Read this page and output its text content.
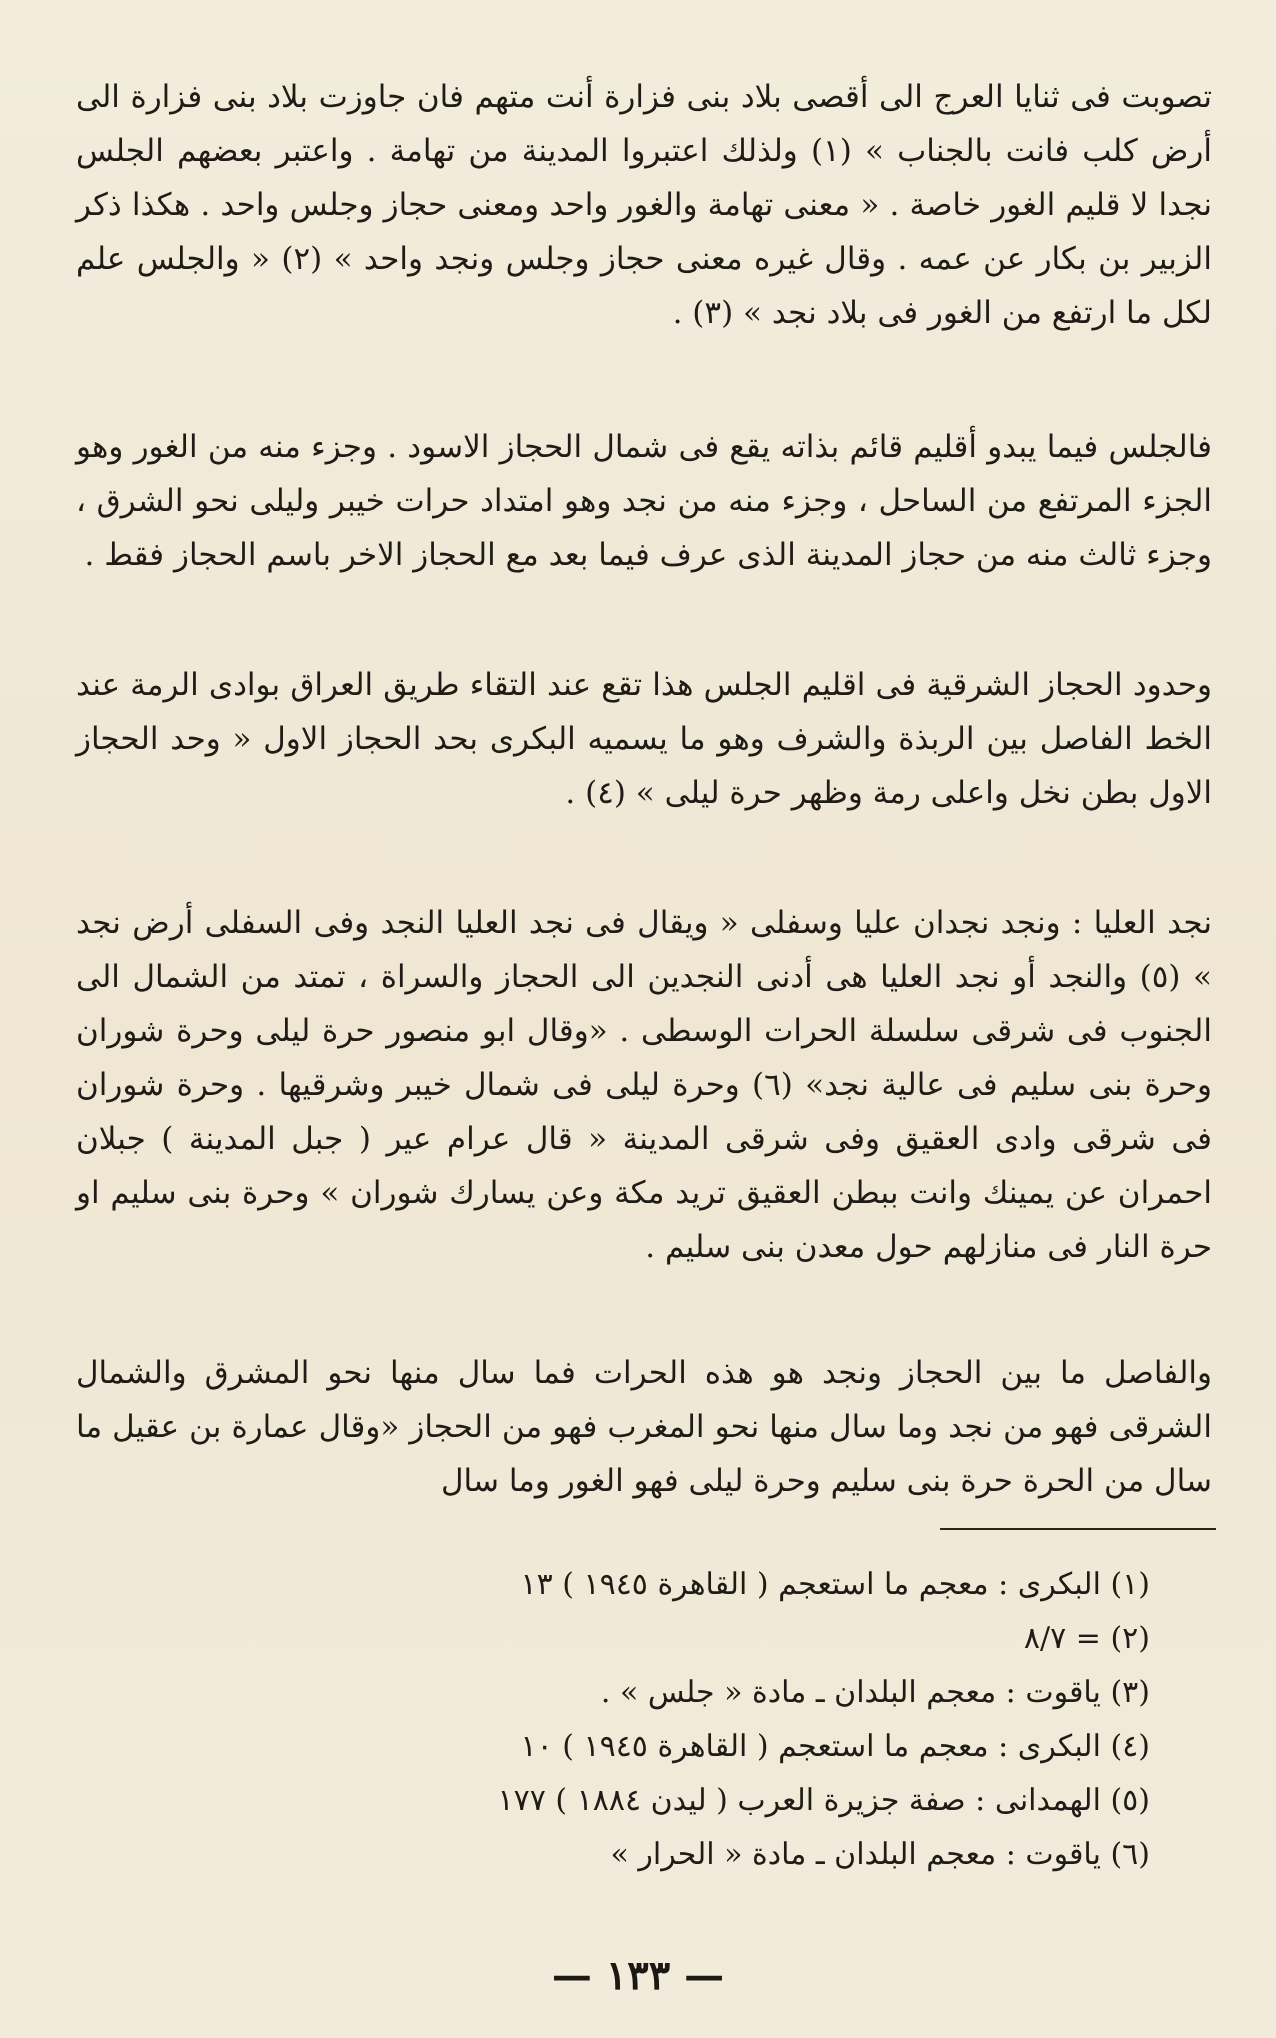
تصوبت فى ثنايا العرج الى أقصى بلاد بنى فزارة أنت متهم فان جاوزت بلاد بنى فزارة الى أرض كلب فانت بالجناب » (١) ولذلك اعتبروا المدينة من تهامة . واعتبر بعضهم الجلس نجدا لا قليم الغور خاصة . « معنى تهامة والغور واحد ومعنى حجاز وجلس واحد . هكذا ذكر الزبير بن بكار عن عمه . وقال غيره معنى حجاز وجلس ونجد واحد » (٢) « والجلس علم لكل ما ارتفع من الغور فى بلاد نجد » (٣) .

فالجلس فيما يبدو أقليم قائم بذاته يقع فى شمال الحجاز الاسود . وجزء منه من الغور وهو الجزء المرتفع من الساحل ، وجزء منه من نجد وهو امتداد حرات خيبر وليلى نحو الشرق ، وجزء ثالث منه من حجاز المدينة الذى عرف فيما بعد مع الحجاز الاخر باسم الحجاز فقط .

وحدود الحجاز الشرقية فى اقليم الجلس هذا تقع عند التقاء طريق العراق بوادى الرمة عند الخط الفاصل بين الربذة والشرف وهو ما يسميه البكرى بحد الحجاز الاول « وحد الحجاز الاول بطن نخل واعلى رمة وظهر حرة ليلى » (٤) .

نجد العليا : ونجد نجدان عليا وسفلى « ويقال فى نجد العليا النجد وفى السفلى أرض نجد » (٥) والنجد أو نجد العليا هى أدنى النجدين الى الحجاز والسراة ، تمتد من الشمال الى الجنوب فى شرقى سلسلة الحرات الوسطى . «وقال ابو منصور حرة ليلى وحرة شوران وحرة بنى سليم فى عالية نجد» (٦) وحرة ليلى فى شمال خيبر وشرقيها . وحرة شوران فى شرقى وادى العقيق وفى شرقى المدينة « قال عرام عير ( جبل المدينة ) جبلان احمران عن يمينك وانت ببطن العقيق تريد مكة وعن يسارك شوران » وحرة بنى سليم او حرة النار فى منازلهم حول معدن بنى سليم .

والفاصل ما بين الحجاز ونجد هو هذه الحرات فما سال منها نحو المشرق والشمال الشرقى فهو من نجد وما سال منها نحو المغرب فهو من الحجاز «وقال عمارة بن عقيل ما سال من الحرة حرة بنى سليم وحرة ليلى فهو الغور وما سال

(١) البكرى : معجم ما استعجم ( القاهرة ١٩٤٥ ) ١٣
(٢) = ٨/٧
(٣) ياقوت : معجم البلدان ـ مادة « جلس » .
(٤) البكرى : معجم ما استعجم ( القاهرة ١٩٤٥ ) ١٠
(٥) الهمدانى : صفة جزيرة العرب ( ليدن ١٨٨٤ ) ١٧٧
(٦) ياقوت : معجم البلدان ـ مادة « الحرار »
— ١٣٣ —
